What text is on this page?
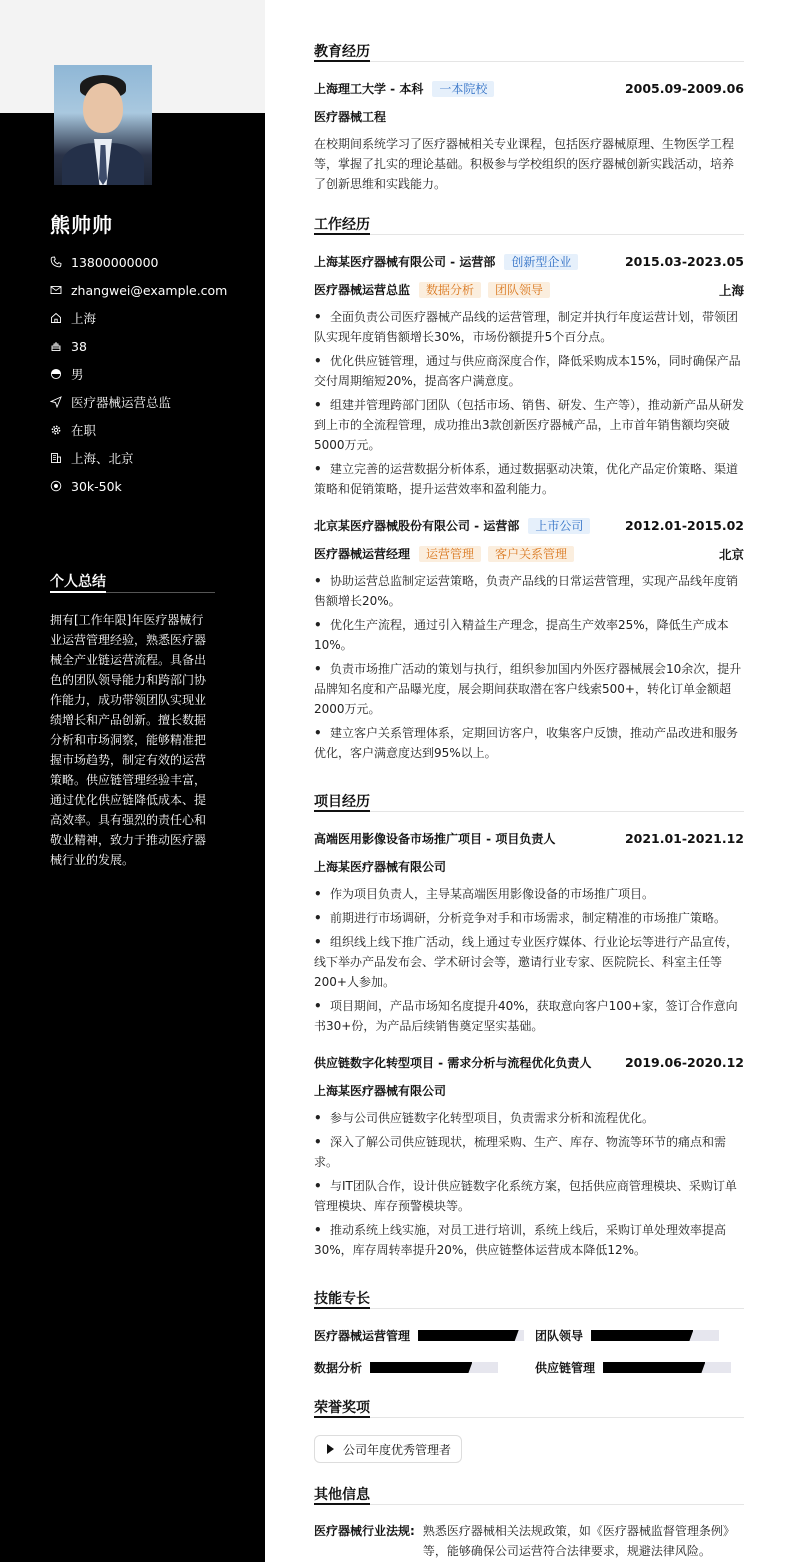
熊帅帅
13800000000
zhangwei@example.com
上海
38
男
医疗器械运营总监
在职
上海、北京
30k-50k
个人总结
拥有[工作年限]年医疗器械行业运营管理经验，熟悉医疗器械全产业链运营流程。具备出色的团队领导能力和跨部门协作能力，成功带领团队实现业绩增长和产品创新。擅长数据分析和市场洞察，能够精准把握市场趋势，制定有效的运营策略。供应链管理经验丰富，通过优化供应链降低成本、提高效率。具有强烈的责任心和敬业精神，致力于推动医疗器械行业的发展。
教育经历
上海理工大学 - 本科	一本院校	2005.09-2009.06
医疗器械工程
在校期间系统学习了医疗器械相关专业课程，包括医疗器械原理、生物医学工程等，掌握了扎实的理论基础。积极参与学校组织的医疗器械创新实践活动，培养了创新思维和实践能力。
工作经历
上海某医疗器械有限公司 - 运营部	创新型企业	2015.03-2023.05
医疗器械运营总监	数据分析	团队领导	上海
• 全面负责公司医疗器械产品线的运营管理，制定并执行年度运营计划，带领团队实现年度销售额增长30%，市场份额提升5个百分点。
• 优化供应链管理，通过与供应商深度合作，降低采购成本15%，同时确保产品交付周期缩短20%，提高客户满意度。
• 组建并管理跨部门团队（包括市场、销售、研发、生产等），推动新产品从研发到上市的全流程管理，成功推出3款创新医疗器械产品，上市首年销售额均突破5000万元。
• 建立完善的运营数据分析体系，通过数据驱动决策，优化产品定价策略、渠道策略和促销策略，提升运营效率和盈利能力。
北京某医疗器械股份有限公司 - 运营部	上市公司	2012.01-2015.02
医疗器械运营经理	运营管理	客户关系管理	北京
• 协助运营总监制定运营策略，负责产品线的日常运营管理，实现产品线年度销售额增长20%。
• 优化生产流程，通过引入精益生产理念，提高生产效率25%，降低生产成本10%。
• 负责市场推广活动的策划与执行，组织参加国内外医疗器械展会10余次，提升品牌知名度和产品曝光度，展会期间获取潜在客户线索500+，转化订单金额超2000万元。
• 建立客户关系管理体系，定期回访客户，收集客户反馈，推动产品改进和服务优化，客户满意度达到95%以上。
项目经历
高端医用影像设备市场推广项目 - 项目负责人	2021.01-2021.12
上海某医疗器械有限公司
• 作为项目负责人，主导某高端医用影像设备的市场推广项目。
• 前期进行市场调研，分析竞争对手和市场需求，制定精准的市场推广策略。
• 组织线上线下推广活动，线上通过专业医疗媒体、行业论坛等进行产品宣传，线下举办产品发布会、学术研讨会等，邀请行业专家、医院院长、科室主任等200+人参加。
• 项目期间，产品市场知名度提升40%，获取意向客户100+家，签订合作意向书30+份，为产品后续销售奠定坚实基础。
供应链数字化转型项目 - 需求分析与流程优化负责人	2019.06-2020.12
上海某医疗器械有限公司
• 参与公司供应链数字化转型项目，负责需求分析和流程优化。
• 深入了解公司供应链现状，梳理采购、生产、库存、物流等环节的痛点和需求。
• 与IT团队合作，设计供应链数字化系统方案，包括供应商管理模块、采购订单管理模块、库存预警模块等。
• 推动系统上线实施，对员工进行培训，系统上线后，采购订单处理效率提高30%，库存周转率提升20%，供应链整体运营成本降低12%。
技能专长
医疗器械运营管理	团队领导
数据分析	供应链管理
荣誉奖项
公司年度优秀管理者
其他信息
医疗器械行业法规: 熟悉医疗器械相关法规政策，如《医疗器械监督管理条例》等，能够确保公司运营符合法律要求，规避法律风险。
